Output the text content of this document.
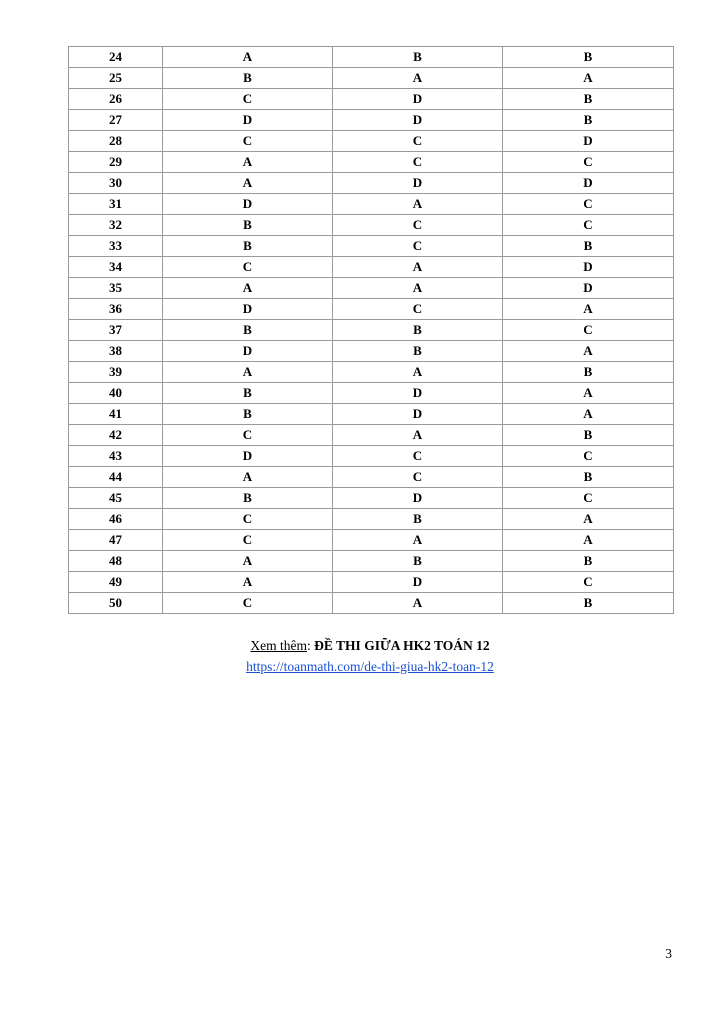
24	A	B	B
25	B	A	A
26	C	D	B
27	D	D	B
28	C	C	D
29	A	C	C
30	A	D	D
31	D	A	C
32	B	C	C
33	B	C	B
34	C	A	D
35	A	A	D
36	D	C	A
37	B	B	C
38	D	B	A
39	A	A	B
40	B	D	A
41	B	D	A
42	C	A	B
43	D	C	C
44	A	C	B
45	B	D	C
46	C	B	A
47	C	A	A
48	A	B	B
49	A	D	C
50	C	A	B
Xem thêm: ĐỀ THI GIỮA HK2 TOÁN 12
https://toanmath.com/de-thi-giua-hk2-toan-12
3
